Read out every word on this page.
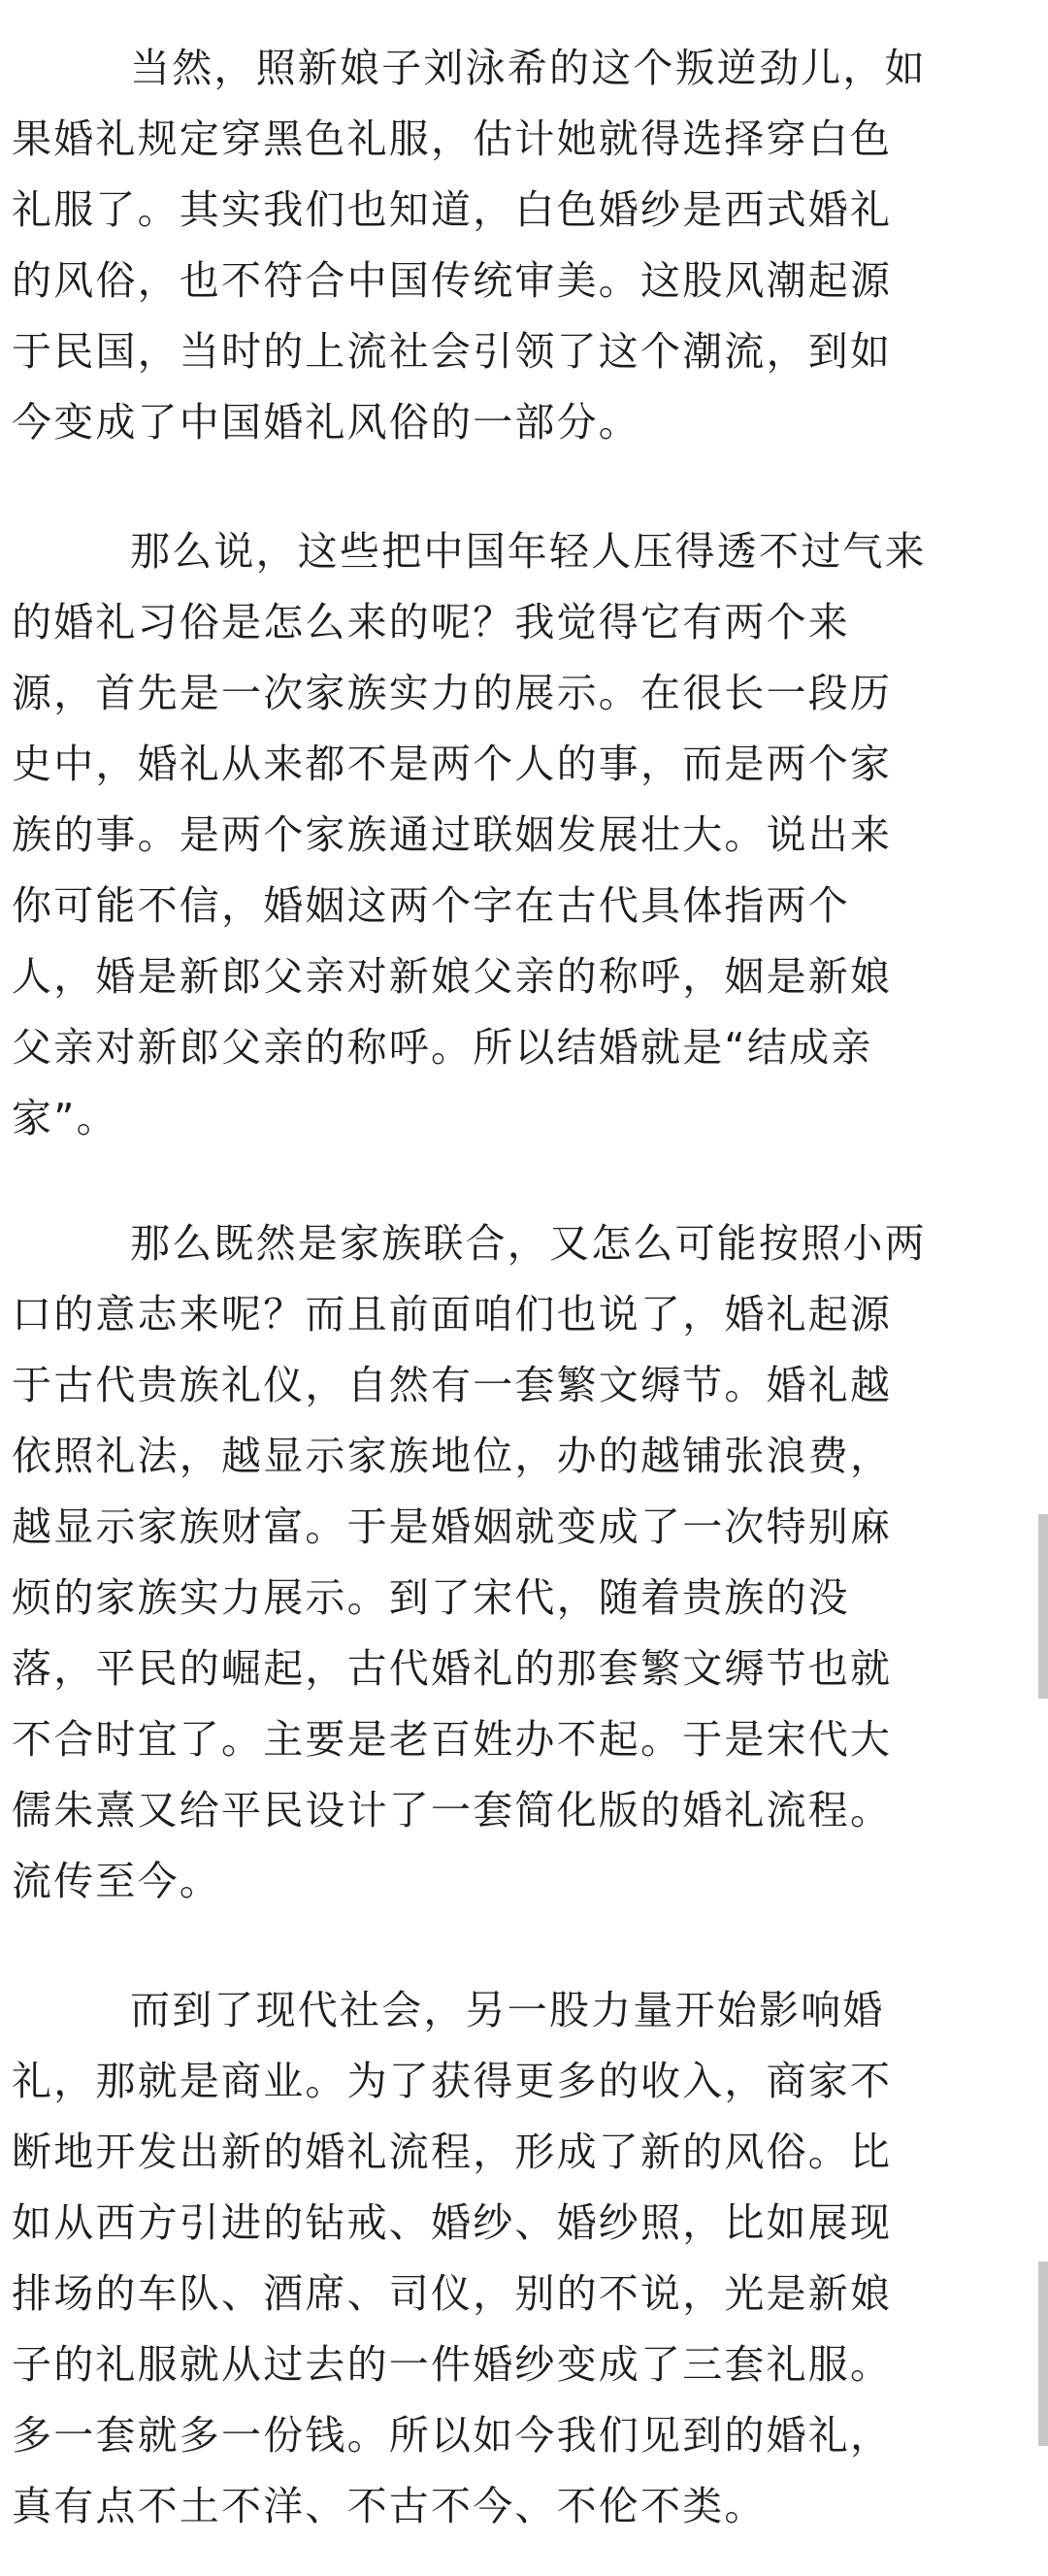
当然，照新娘子刘泳希的这个叛逆劲儿，如
果婚礼规定穿黑色礼服，估计她就得选择穿白色
礼服了。其实我们也知道，白色婚纱是西式婚礼
的风俗，也不符合中国传统审美。这股风潮起源
于民国，当时的上流社会引领了这个潮流，到如
今变成了中国婚礼风俗的一部分。
那么说，这些把中国年轻人压得透不过气来
的婚礼习俗是怎么来的呢？我觉得它有两个来
源，首先是一次家族实力的展示。在很长一段历
史中，婚礼从来都不是两个人的事，而是两个家
族的事。是两个家族通过联姻发展壮大。说出来
你可能不信，婚姻这两个字在古代具体指两个
人，婚是新郎父亲对新娘父亲的称呼，姻是新娘
父亲对新郎父亲的称呼。所以结婚就是“结成亲
家”。
那么既然是家族联合，又怎么可能按照小两
口的意志来呢？而且前面咱们也说了，婚礼起源
于古代贵族礼仪，自然有一套繁文缛节。婚礼越
依照礼法，越显示家族地位，办的越铺张浪费，
越显示家族财富。于是婚姻就变成了一次特别麻
烦的家族实力展示。到了宋代，随着贵族的没
落，平民的崛起，古代婚礼的那套繁文缛节也就
不合时宜了。主要是老百姓办不起。于是宋代大
儒朱熹又给平民设计了一套简化版的婚礼流程。
流传至今。
而到了现代社会，另一股力量开始影响婚
礼，那就是商业。为了获得更多的收入，商家不
断地开发出新的婚礼流程，形成了新的风俗。比
如从西方引进的钻戒、婚纱、婚纱照，比如展现
排场的车队、酒席、司仪，别的不说，光是新娘
子的礼服就从过去的一件婚纱变成了三套礼服。
多一套就多一份钱。所以如今我们见到的婚礼，
真有点不土不洋、不古不今、不伦不类。
